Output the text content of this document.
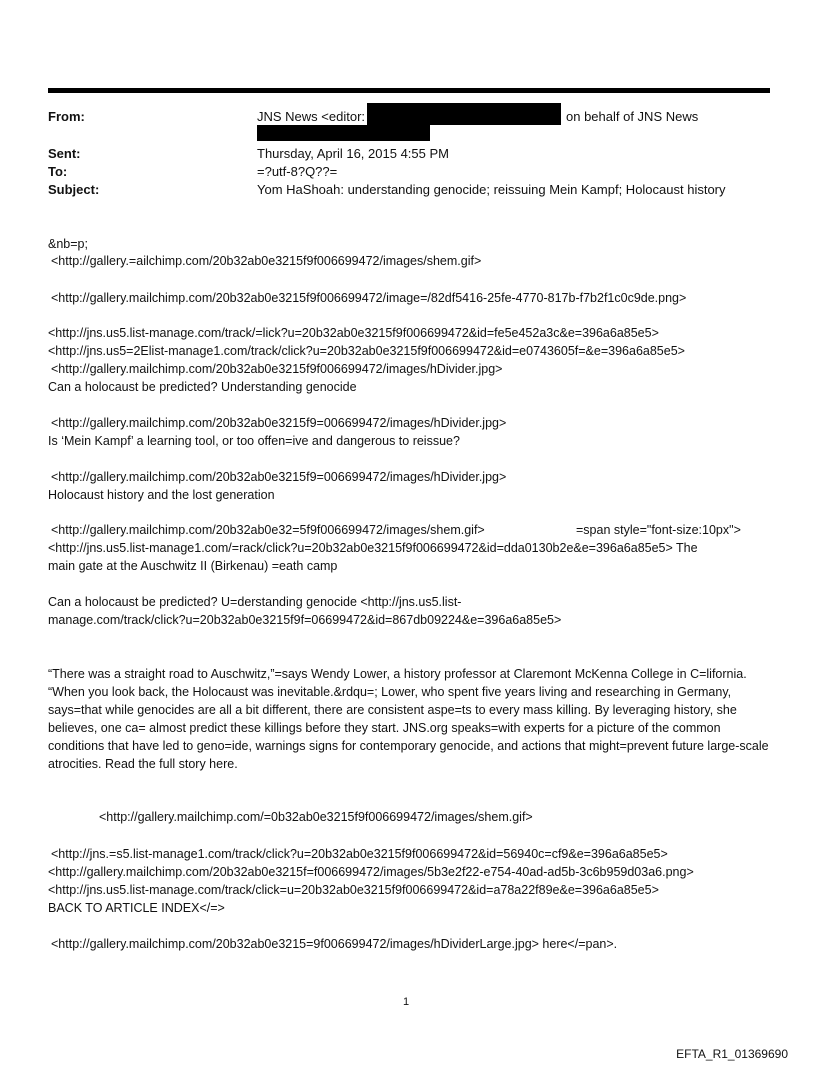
From:	JNS News <editor:	on behalf of JNS News
Sent:	Thursday, April 16, 2015 4:55 PM
To:	=?utf-8?Q??=
Subject:	Yom HaShoah: understanding genocide; reissuing Mein Kampf; Holocaust history
&nb=p;
<http://gallery.=ailchimp.com/20b32ab0e3215f9f006699472/images/shem.gif>
<http://gallery.mailchimp.com/20b32ab0e3215f9f006699472/image=/82df5416-25fe-4770-817b-f7b2f1c0c9de.png>
<http://jns.us5.list-manage.com/track/=lick?u=20b32ab0e3215f9f006699472&id=fe5e452a3c&e=396a6a85e5>
<http://jns.us5=2Elist-manage1.com/track/click?u=20b32ab0e3215f9f006699472&id=e0743605f=&e=396a6a85e5>
<http://gallery.mailchimp.com/20b32ab0e3215f9f006699472/images/hDivider.jpg>
Can a holocaust be predicted? Understanding genocide
<http://gallery.mailchimp.com/20b32ab0e3215f9=006699472/images/hDivider.jpg>
Is ‘Mein Kampf’ a learning tool, or too offen=ive and dangerous to reissue?
<http://gallery.mailchimp.com/20b32ab0e3215f9=006699472/images/hDivider.jpg>
Holocaust history and the lost generation
<http://gallery.mailchimp.com/20b32ab0e32=5f9f006699472/images/shem.gif>	=span style="font-size:10px">
<http://jns.us5.list-manage1.com/=rack/click?u=20b32ab0e3215f9f006699472&id=dda0130b2e&e=396a6a85e5> The
main gate at the Auschwitz II (Birkenau) =eath camp
Can a holocaust be predicted? U=derstanding genocide <http://jns.us5.list-
manage.com/track/click?u=20b32ab0e3215f9f=06699472&id=867db09224&e=396a6a85e5>
“There was a straight road to Auschwitz,”=says Wendy Lower, a history professor at Claremont McKenna College in C=lifornia. “When you look back, the Holocaust was inevitable.&rdqu=; Lower, who spent five years living and researching in Germany, says=that while genocides are all a bit different, there are consistent aspe=ts to every mass killing. By leveraging history, she believes, one ca= almost predict these killings before they start. JNS.org speaks=with experts for a picture of the common conditions that have led to geno=ide, warnings signs for contemporary genocide, and actions that might=prevent future large-scale atrocities. Read the full story here.
<http://gallery.mailchimp.com/=0b32ab0e3215f9f006699472/images/shem.gif>
<http://jns.=s5.list-manage1.com/track/click?u=20b32ab0e3215f9f006699472&id=56940c=cf9&e=396a6a85e5>
<http://gallery.mailchimp.com/20b32ab0e3215f=f006699472/images/5b3e2f22-e754-40ad-ad5b-3c6b959d03a6.png>
<http://jns.us5.list-manage.com/track/click=u=20b32ab0e3215f9f006699472&id=a78a22f89e&e=396a6a85e5>
BACK TO ARTICLE INDEX</=>
<http://gallery.mailchimp.com/20b32ab0e3215=9f006699472/images/hDividerLarge.jpg> here</=pan>.
1
EFTA_R1_01369690
